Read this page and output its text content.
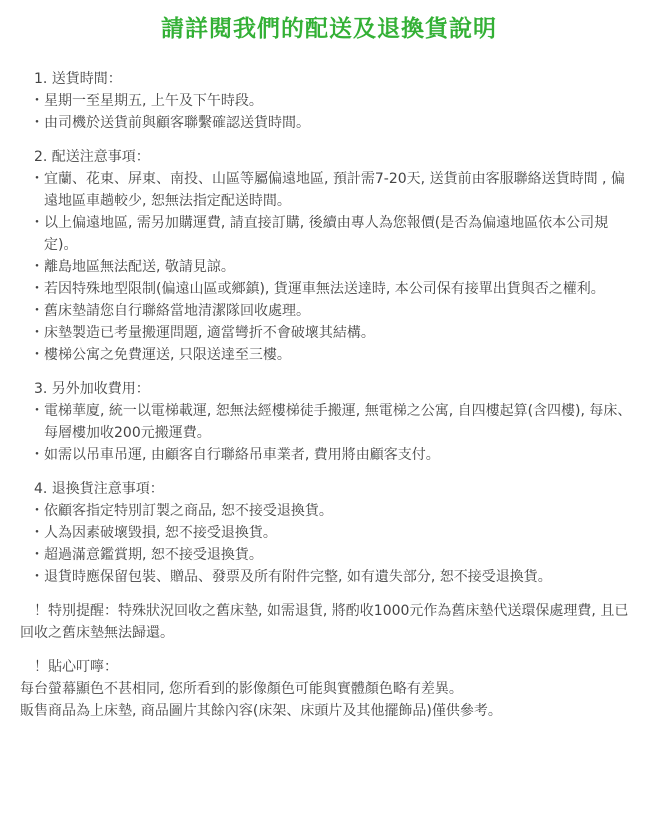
請詳閱我們的配送及退換貨說明

1. 送貨時間：

・ 星期一至星期五, 上午及下午時段。

・ 由司機於送貨前與顧客聯繫確認送貨時間。

2. 配送注意事項：

・ 宜蘭、花東、屏東、南投、山區等屬偏遠地區, 預計需7-20天, 送貨前由客服聯絡送貨時間 , 偏遠地區車趟較少, 恕無法指定配送時間。

・ 以上偏遠地區, 需另加購運費, 請直接訂購, 後續由專人為您報價(是否為偏遠地區依本公司規定)。

・ 離島地區無法配送, 敬請見諒。

・ 若因特殊地型限制(偏遠山區或鄉鎮), 貨運車無法送達時, 本公司保有接單出貨與否之權利。

・ 舊床墊請您自行聯絡當地清潔隊回收處理。

・ 床墊製造已考量搬運問題, 適當彎折不會破壞其結構。

・ 樓梯公寓之免費運送, 只限送達至三樓。

3. 另外加收費用：

・ 電梯華廈, 統一以電梯載運, 恕無法經樓梯徒手搬運, 無電梯之公寓, 自四樓起算(含四樓), 每床、每層樓加收200元搬運費。

・ 如需以吊車吊運, 由顧客自行聯絡吊車業者, 費用將由顧客支付。

4. 退換貨注意事項：

・ 依顧客指定特別訂製之商品, 恕不接受退換貨。

・ 人為因素破壞毀損, 恕不接受退換貨。

・ 超過滿意鑑賞期, 恕不接受退換貨。

・ 退貨時應保留包裝、贈品、發票及所有附件完整, 如有遺失部分, 恕不接受退換貨。

！特別提醒：特殊狀況回收之舊床墊, 如需退貨, 將酌收1000元作為舊床墊代送環保處理費, 且已回收之舊床墊無法歸還。

！貼心叮嚀：

每台螢幕顯色不甚相同, 您所看到的影像顏色可能與實體顏色略有差異。

販售商品為上床墊, 商品圖片其餘內容(床架、床頭片及其他擺飾品)僅供參考。
